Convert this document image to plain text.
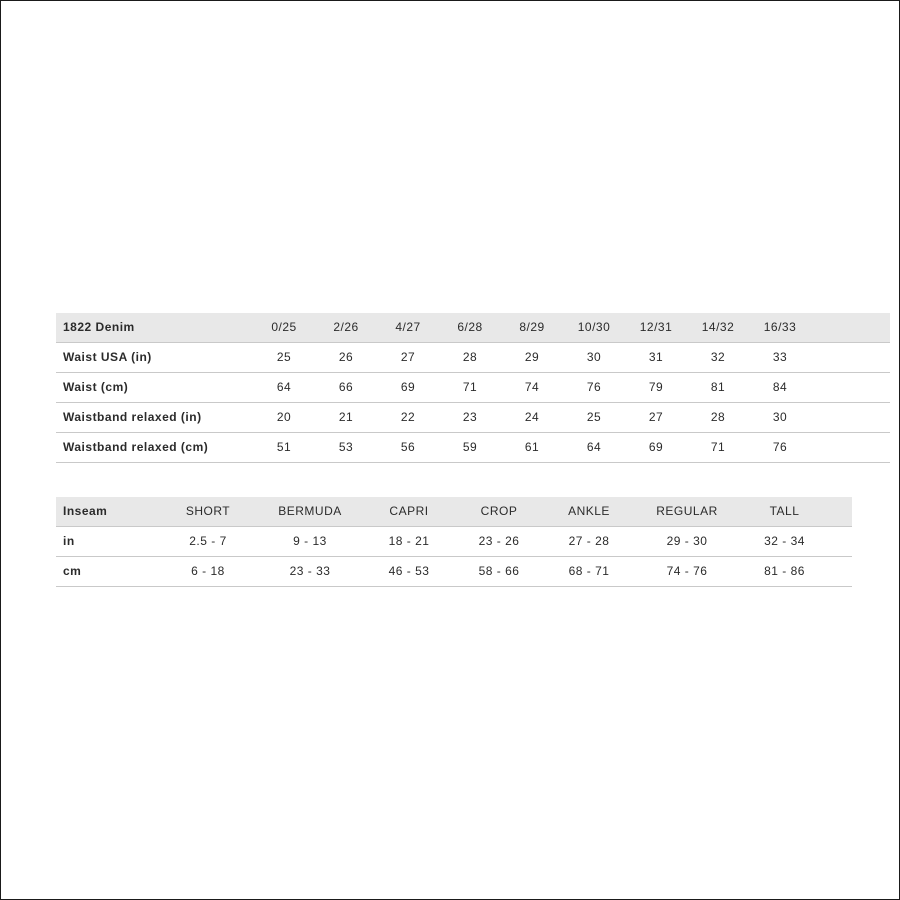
1822 Denim	0/25	2/26	4/27	6/28	8/29	10/30	12/31	14/32	16/33	
Waist USA (in)	25	26	27	28	29	30	31	32	33	
Waist (cm)	64	66	69	71	74	76	79	81	84	
Waistband relaxed (in)	20	21	22	23	24	25	27	28	30	
Waistband relaxed (cm)	51	53	56	59	61	64	69	71	76	
Inseam	SHORT	BERMUDA	CAPRI	CROP	ANKLE	REGULAR	TALL	
in	2.5 - 7	9 - 13	18 - 21	23 - 26	27 - 28	29 - 30	32 - 34	
cm	6 - 18	23 - 33	46 - 53	58 - 66	68 - 71	74 - 76	81 - 86	
